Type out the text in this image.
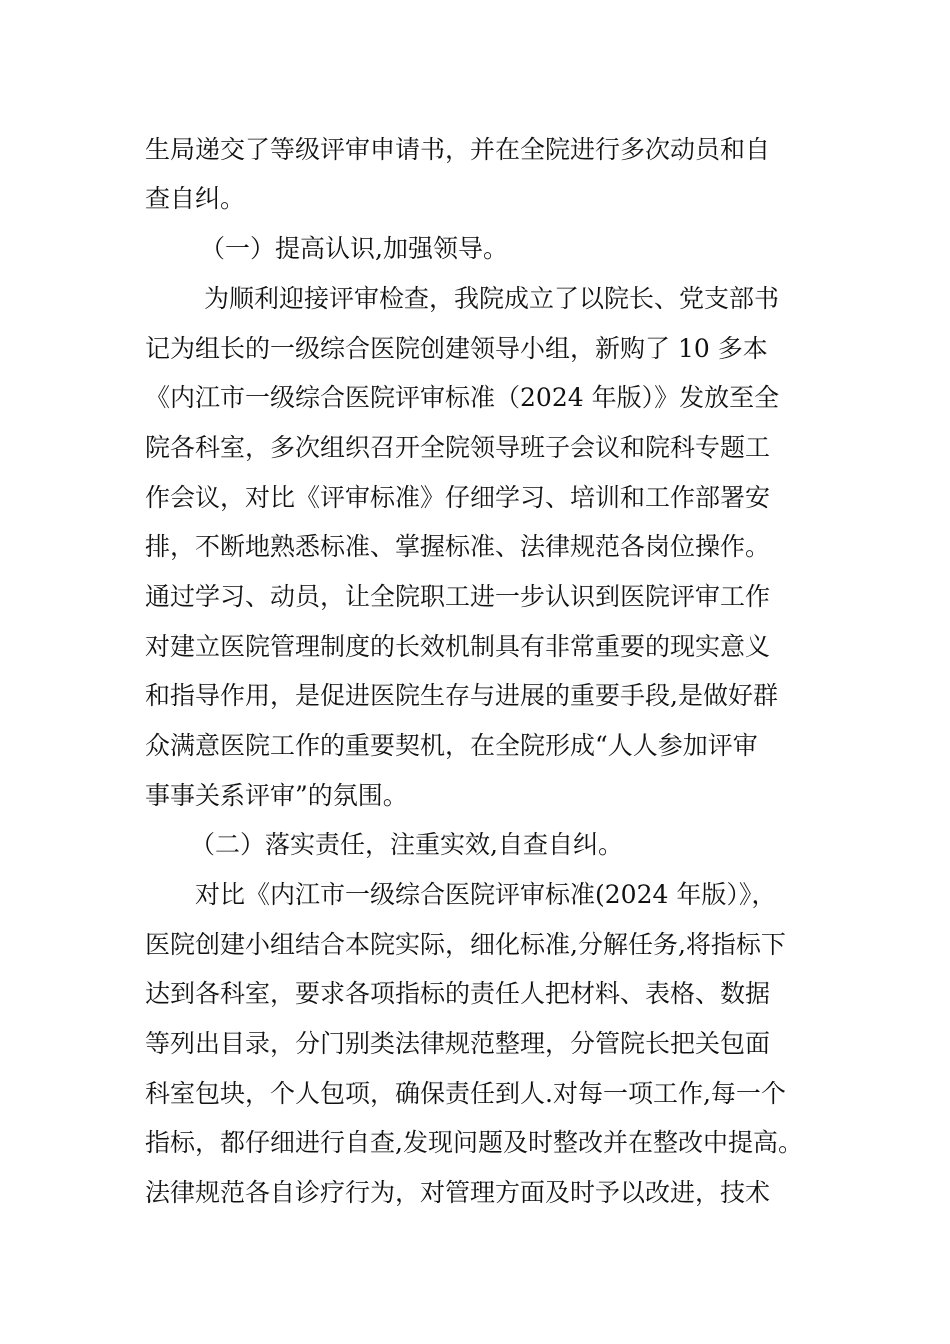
生局递交了等级评审申请书，并在全院进行多次动员和自
查自纠。
（一）提高认识,加强领导。
为顺利迎接评审检查，我院成立了以院长、党支部书
记为组长的一级综合医院创建领导小组，新购了 10 多本
《内江市一级综合医院评审标准（2024 年版）》发放至全
院各科室，多次组织召开全院领导班子会议和院科专题工
作会议，对比《评审标准》仔细学习、培训和工作部署安
排，不断地熟悉标准、掌握标准、法律规范各岗位操作。
通过学习、动员，让全院职工进一步认识到医院评审工作
对建立医院管理制度的长效机制具有非常重要的现实意义
和指导作用，是促进医院生存与进展的重要手段,是做好群
众满意医院工作的重要契机，在全院形成“人人参加评审
事事关系评审”的氛围。
（二）落实责任，注重实效,自查自纠。
对比《内江市一级综合医院评审标准(2024 年版）》，
医院创建小组结合本院实际，细化标准,分解任务,将指标下
达到各科室，要求各项指标的责任人把材料、表格、数据
等列出目录，分门别类法律规范整理，分管院长把关包面
科室包块，个人包项，确保责任到人.对每一项工作,每一个
指标，都仔细进行自查,发现问题及时整改并在整改中提高。
法律规范各自诊疗行为，对管理方面及时予以改进，技术
